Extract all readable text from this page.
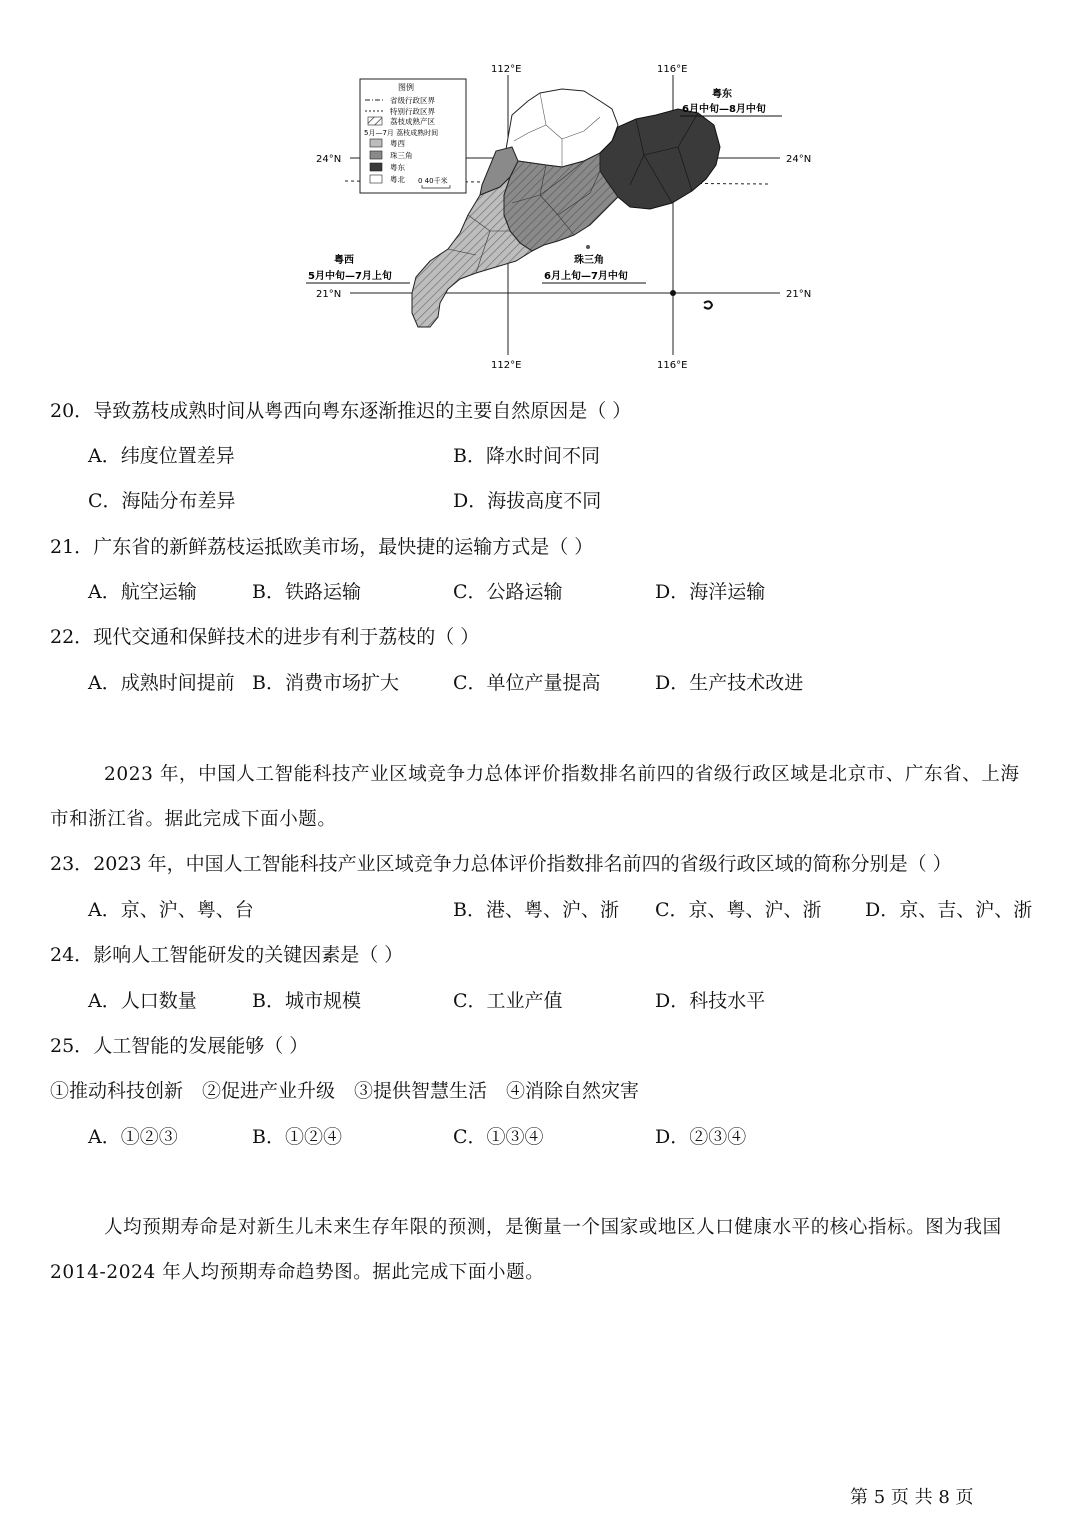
112°E	116°E
112°E	116°E
24°N	24°N
21°N	21°N
图例
省级行政区界
特别行政区界
荔枝成熟产区
5月—7月 荔枝成熟时间
粤西
珠三角
粤东
粤北 0 40千米
粤东
6月中旬—8月中旬
珠三角
6月上旬—7月中旬
粤西
5月中旬—7月上旬
20．导致荔枝成熟时间从粤西向粤东逐渐推迟的主要自然原因是（ ）
A．纬度位置差异	B．降水时间不同
C．海陆分布差异	D．海拔高度不同
21．广东省的新鲜荔枝运抵欧美市场，最快捷的运输方式是（ ）
A．航空运输	B．铁路运输	C．公路运输	D．海洋运输
22．现代交通和保鲜技术的进步有利于荔枝的（ ）
A．成熟时间提前 B．消费市场扩大	C．单位产量提高	D．生产技术改进
2023 年，中国人工智能科技产业区域竞争力总体评价指数排名前四的省级行政区域是北京市、广东省、上海
市和浙江省。据此完成下面小题。
23．2023 年，中国人工智能科技产业区域竞争力总体评价指数排名前四的省级行政区域的简称分别是（ ）
A．京、沪、粤、台	B．港、粤、沪、浙 C．京、粤、沪、浙 D．京、吉、沪、浙
24．影响人工智能研发的关键因素是（ ）
A．人口数量	B．城市规模	C．工业产值	D．科技水平
25．人工智能的发展能够（ ）
①推动科技创新　②促进产业升级　③提供智慧生活　④消除自然灾害
A．①②③	B．①②④	C．①③④	D．②③④
人均预期寿命是对新生儿未来生存年限的预测，是衡量一个国家或地区人口健康水平的核心指标。图为我国
2014-2024 年人均预期寿命趋势图。据此完成下面小题。
第 5 页 共 8 页
